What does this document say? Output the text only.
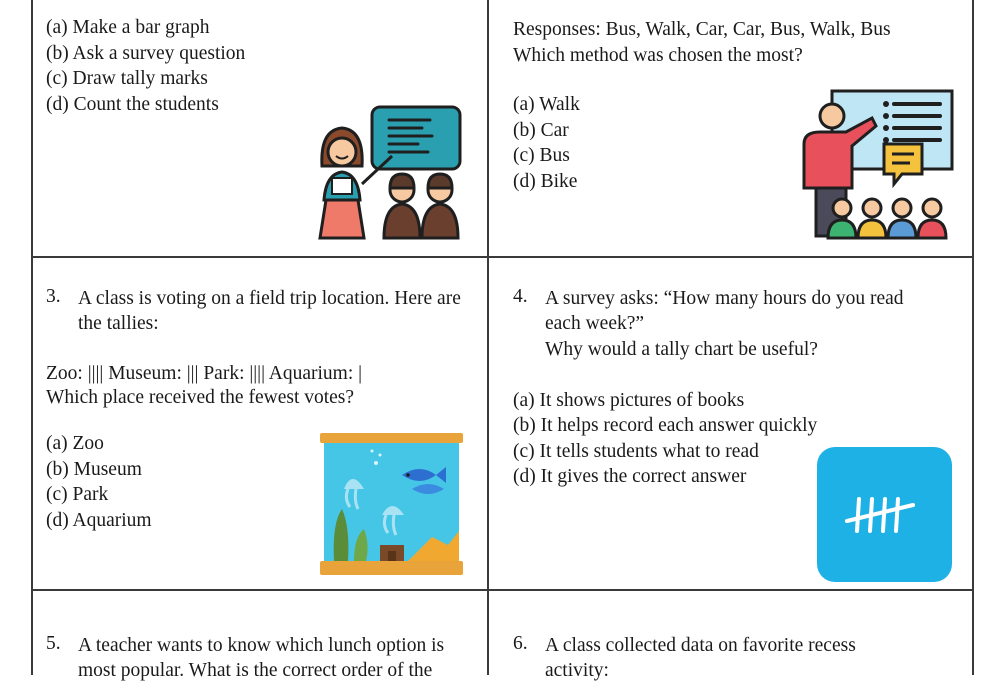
(a) Make a bar graph
(b) Ask a survey question
(c) Draw tally marks
(d) Count the students
Responses: Bus, Walk, Car, Car, Bus, Walk, Bus
Which method was chosen the most?
(a) Walk
(b) Car
(c) Bus
(d) Bike
3. A class is voting on a field trip location. Here are
the tallies:
Zoo: |||| Museum: ||| Park: |||| Aquarium: |
Which place received the fewest votes?
(a) Zoo
(b) Museum
(c) Park
(d) Aquarium
4. A survey asks: “How many hours do you read
each week?”
Why would a tally chart be useful?
(a) It shows pictures of books
(b) It helps record each answer quickly
(c) It tells students what to read
(d) It gives the correct answer
5. A teacher wants to know which lunch option is
most popular. What is the correct order of the
6. A class collected data on favorite recess
activity:
